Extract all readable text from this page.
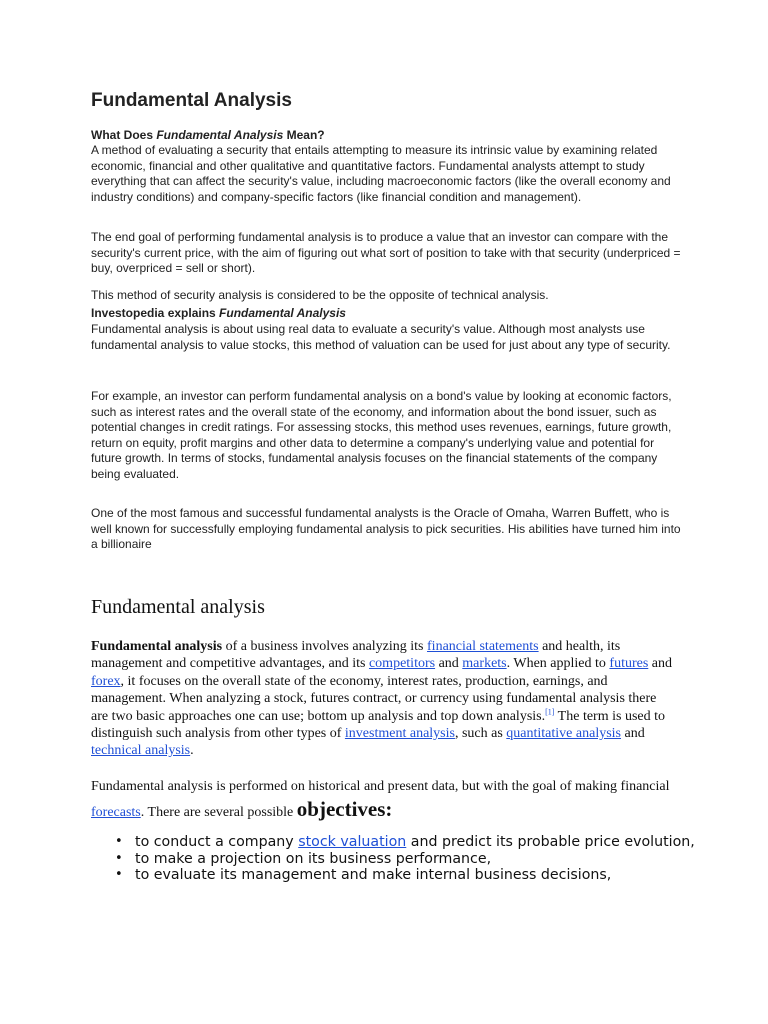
Fundamental Analysis
What Does Fundamental Analysis Mean?
A method of evaluating a security that entails attempting to measure its intrinsic value by examining related economic, financial and other qualitative and quantitative factors. Fundamental analysts attempt to study everything that can affect the security's value, including macroeconomic factors (like the overall economy and industry conditions) and company-specific factors (like financial condition and management).
The end goal of performing fundamental analysis is to produce a value that an investor can compare with the security's current price, with the aim of figuring out what sort of position to take with that security (underpriced = buy, overpriced = sell or short).
This method of security analysis is considered to be the opposite of technical analysis.
Investopedia explains Fundamental Analysis
Fundamental analysis is about using real data to evaluate a security's value. Although most analysts use fundamental analysis to value stocks, this method of valuation can be used for just about any type of security.
For example, an investor can perform fundamental analysis on a bond's value by looking at economic factors, such as interest rates and the overall state of the economy, and information about the bond issuer, such as potential changes in credit ratings. For assessing stocks, this method uses revenues, earnings, future growth, return on equity, profit margins and other data to determine a company's underlying value and potential for future growth. In terms of stocks, fundamental analysis focuses on the financial statements of the company being evaluated.
One of the most famous and successful fundamental analysts is the Oracle of Omaha, Warren Buffett, who is well known for successfully employing fundamental analysis to pick securities. His abilities have turned him into a billionaire
Fundamental analysis
Fundamental analysis of a business involves analyzing its financial statements and health, its management and competitive advantages, and its competitors and markets. When applied to futures and forex, it focuses on the overall state of the economy, interest rates, production, earnings, and management. When analyzing a stock, futures contract, or currency using fundamental analysis there are two basic approaches one can use; bottom up analysis and top down analysis.[1] The term is used to distinguish such analysis from other types of investment analysis, such as quantitative analysis and technical analysis.
Fundamental analysis is performed on historical and present data, but with the goal of making financial forecasts. There are several possible objectives:
• to conduct a company stock valuation and predict its probable price evolution,
• to make a projection on its business performance,
• to evaluate its management and make internal business decisions,
